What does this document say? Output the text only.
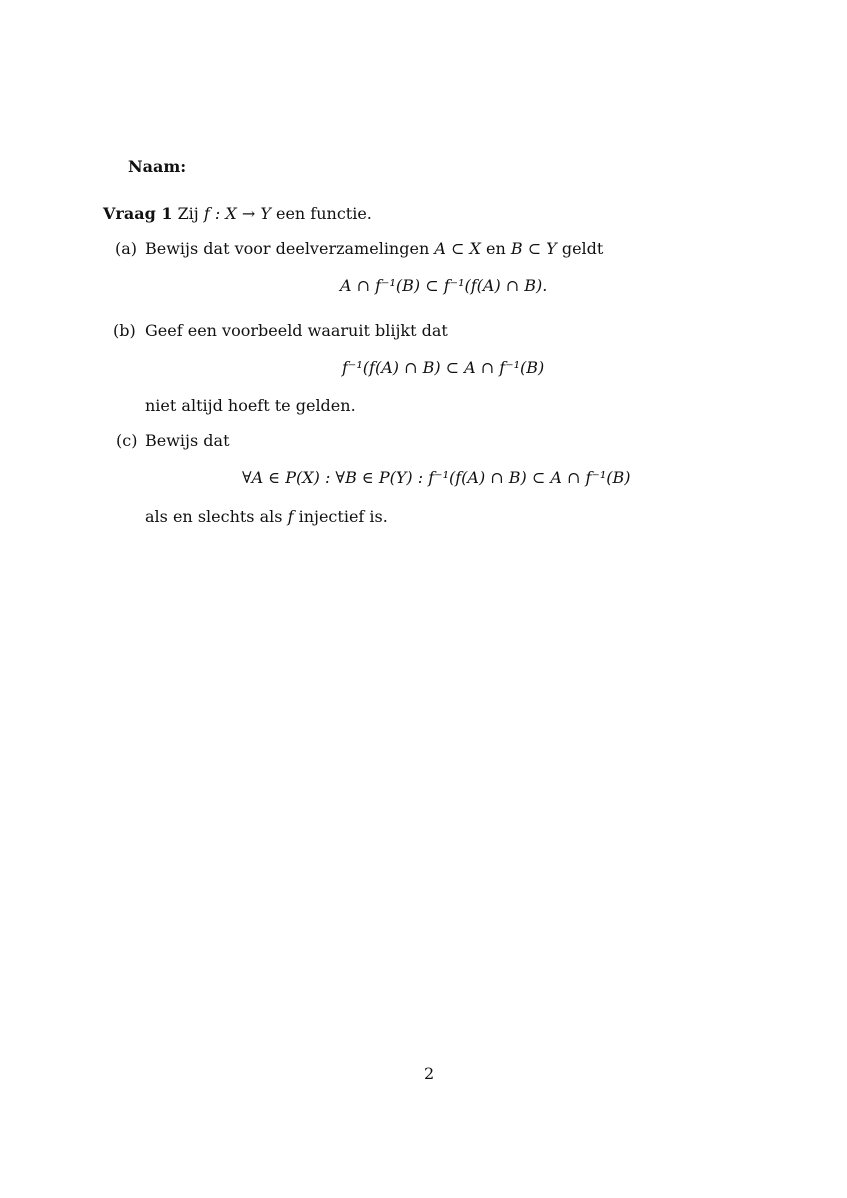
Naam:
Vraag 1 Zij f : X → Y een functie.
(a) Bewijs dat voor deelverzamelingen A ⊂ X en B ⊂ Y geldt
A ∩ f⁻¹(B) ⊂ f⁻¹(f(A) ∩ B).
(b) Geef een voorbeeld waaruit blijkt dat
f⁻¹(f(A) ∩ B) ⊂ A ∩ f⁻¹(B)
niet altijd hoeft te gelden.
(c) Bewijs dat
∀A ∈ P(X) : ∀B ∈ P(Y) : f⁻¹(f(A) ∩ B) ⊂ A ∩ f⁻¹(B)
als en slechts als f injectief is.
2
